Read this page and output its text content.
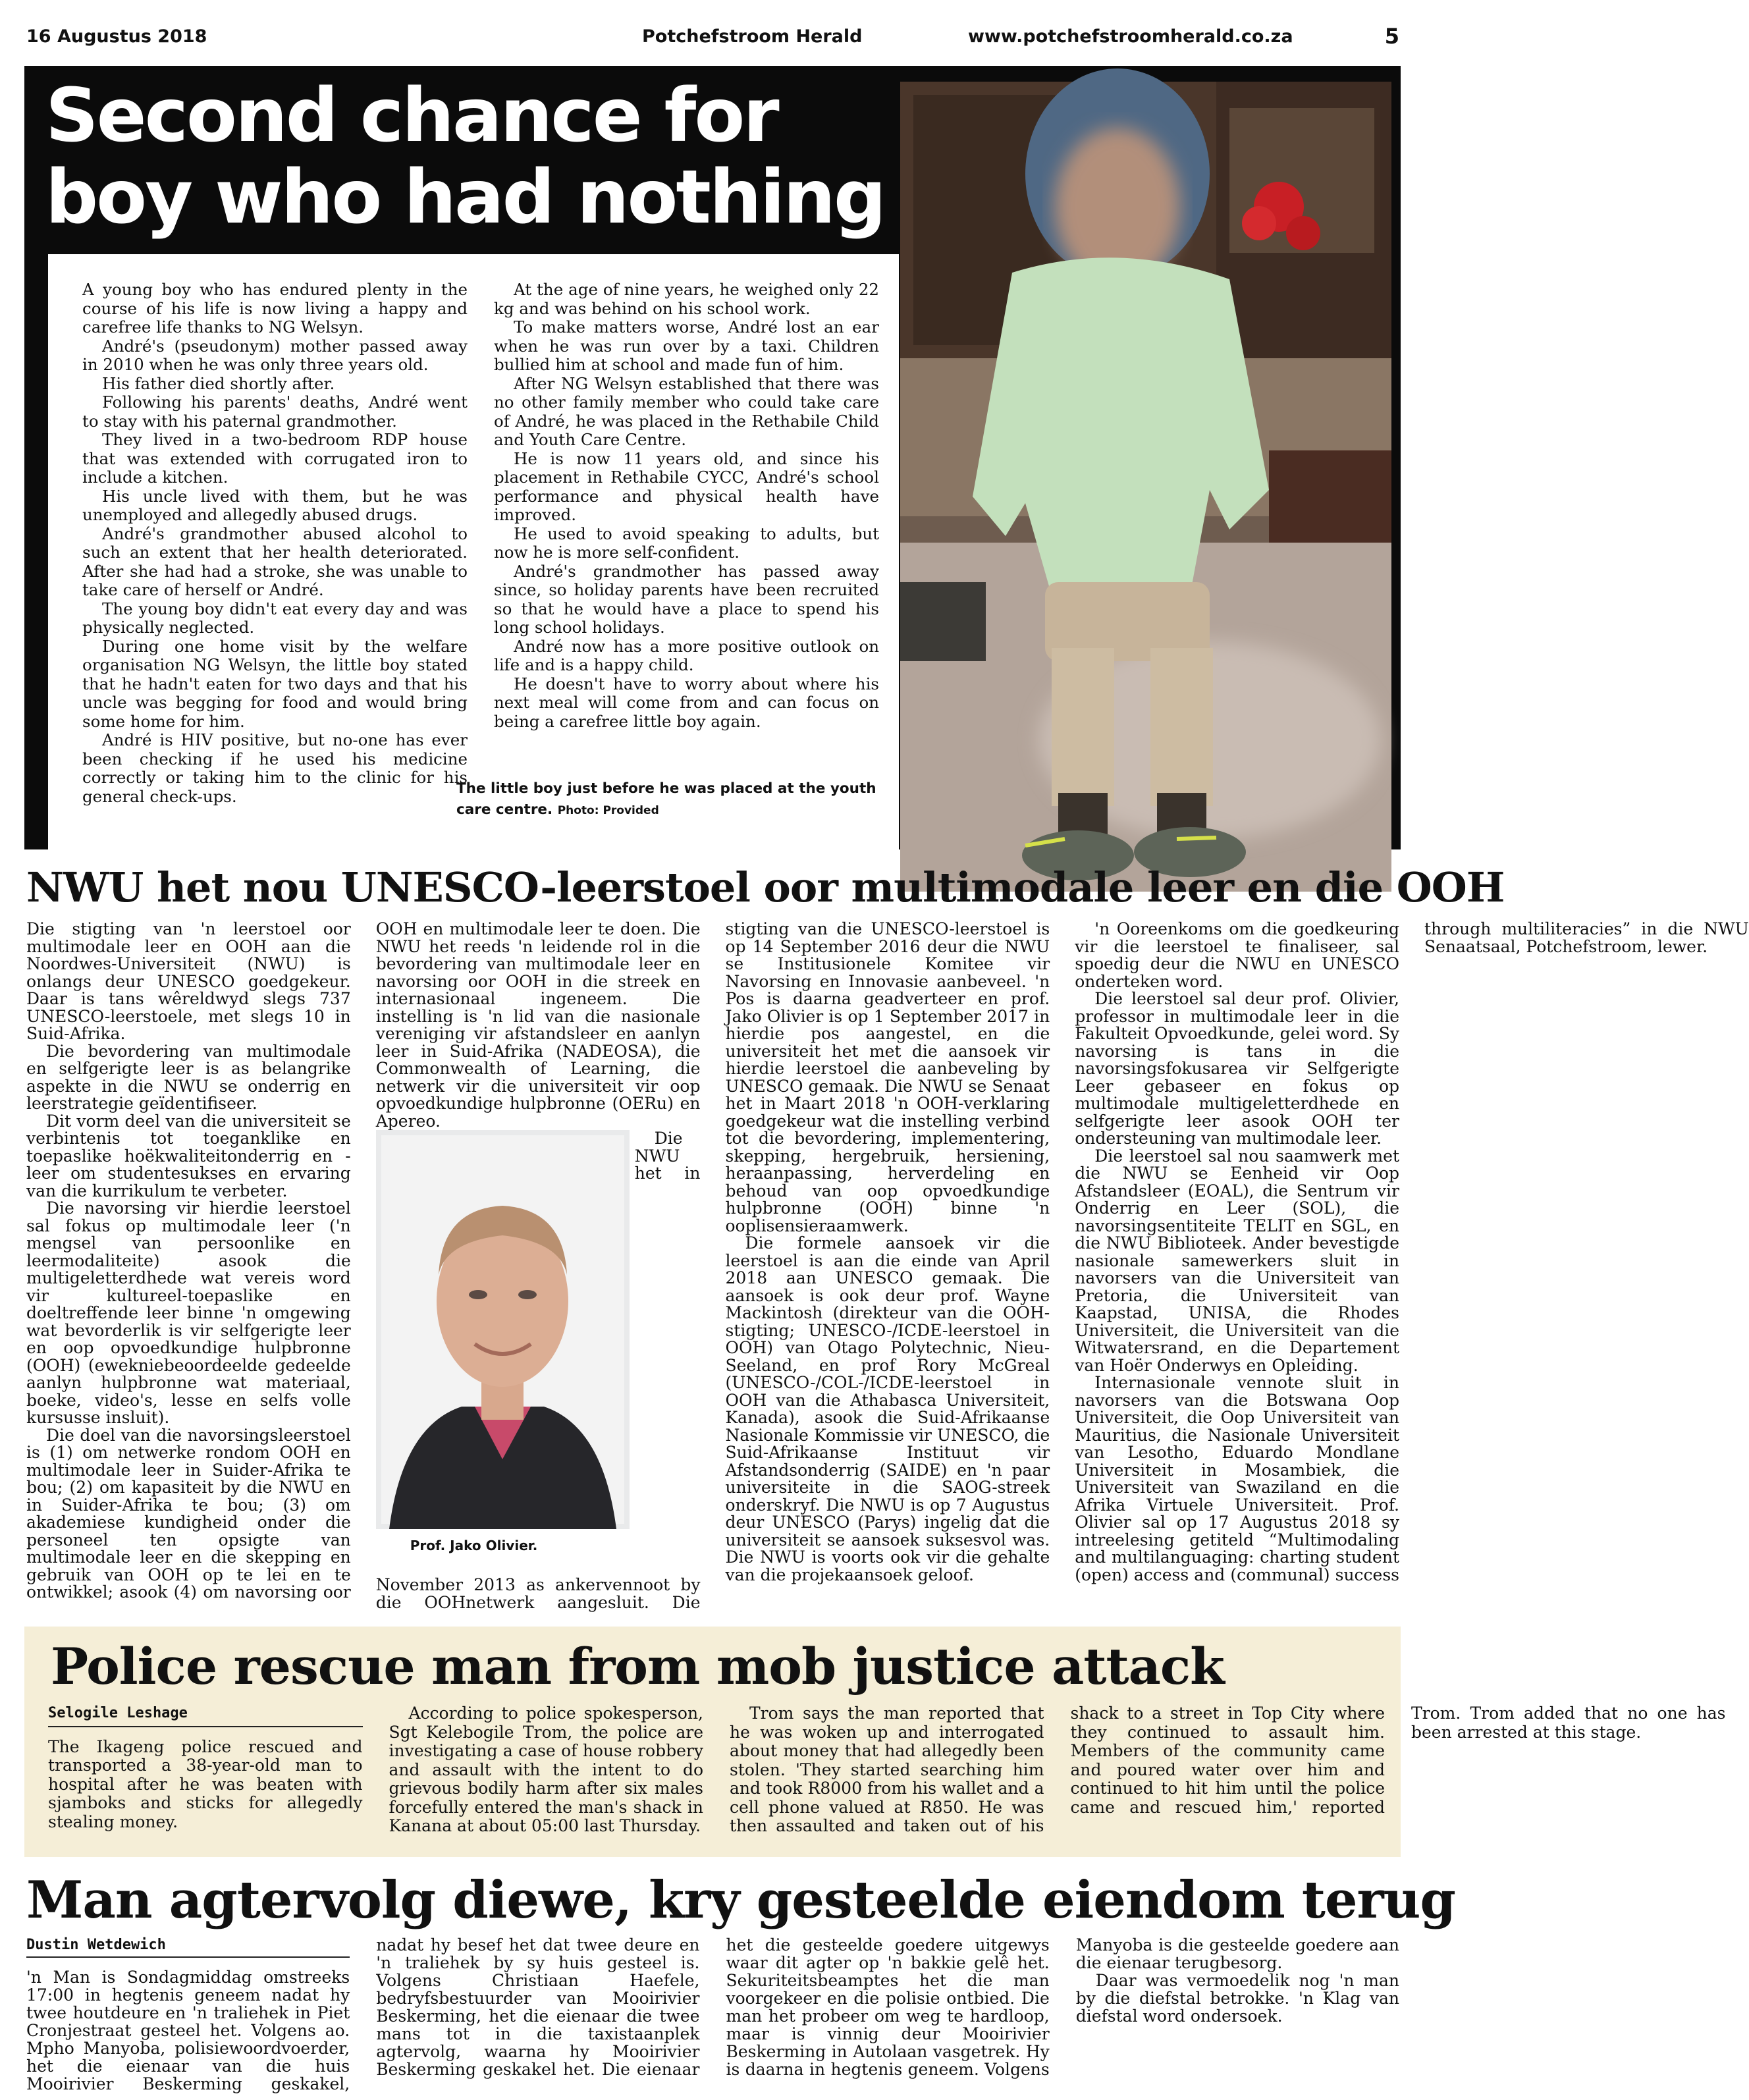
16 Augustus 2018	Potchefstroom Herald	www.potchefstroomherald.co.za	5
Second chance for boy who had nothing

A young boy who has endured plenty in the course of his life is now living a happy and carefree life thanks to NG Welsyn.

André's (pseudonym) mother passed away in 2010 when he was only three years old.

His father died shortly after.

Following his parents' deaths, André went to stay with his paternal grandmother.

They lived in a two-bedroom RDP house that was extended with corrugated iron to include a kitchen.

His uncle lived with them, but he was unemployed and allegedly abused drugs.

André's grandmother abused alcohol to such an extent that her health deteriorated. After she had had a stroke, she was unable to take care of herself or André.

The young boy didn't eat every day and was physically neglected.

During one home visit by the welfare organisation NG Welsyn, the little boy stated that he hadn't eaten for two days and that his uncle was begging for food and would bring some home for him.

André is HIV positive, but no-one has ever been checking if he used his medicine correctly or taking him to the clinic for his general check-ups.

At the age of nine years, he weighed only 22 kg and was behind on his school work.

To make matters worse, André lost an ear when he was run over by a taxi. Children bullied him at school and made fun of him.

After NG Welsyn established that there was no other family member who could take care of André, he was placed in the Rethabile Child and Youth Care Centre.

He is now 11 years old, and since his placement in Rethabile CYCC, André's school performance and physical health have improved.

He used to avoid speaking to adults, but now he is more self-confident.

André's grandmother has passed away since, so holiday parents have been recruited so that he would have a place to spend his long school holidays.

André now has a more positive outlook on life and is a happy child.

He doesn't have to worry about where his next meal will come from and can focus on being a carefree little boy again.

The little boy just before he was placed at the youth care centre. Photo: Provided
NWU het nou UNESCO-leerstoel oor multimodale leer en die OOH

Die stigting van 'n leerstoel oor multimodale leer en OOH aan die Noordwes-Universiteit (NWU) is onlangs deur UNESCO goedgekeur. Daar is tans wêreldwyd slegs 737 UNESCO-leerstoele, met slegs 10 in Suid-Afrika.

Die bevordering van multimodale en selfgerigte leer is as belangrike aspekte in die NWU se onderrig en leerstrategie geïdentifiseer.

Dit vorm deel van die universiteit se verbintenis tot toeganklike en toepaslike hoëkwaliteitonderrig en -leer om studentesukses en ervaring van die kurrikulum te verbeter.

Die navorsing vir hierdie leerstoel sal fokus op multimodale leer ('n mengsel van persoonlike en leermodaliteite) asook die multigeletterdhede wat vereis word vir kultureel-toepaslike en doeltreffende leer binne 'n omgewing wat bevorderlik is vir selfgerigte leer en oop opvoedkundige hulpbronne (OOH) (ewekniebeoordeelde gedeelde aanlyn hulpbronne wat materiaal, boeke, video's, lesse en selfs volle kursusse insluit).

Die doel van die navorsingsleerstoel is (1) om netwerke rondom OOH en multimodale leer in Suider-Afrika te bou; (2) om kapasiteit by die NWU en in Suider-Afrika te bou; (3) om akademiese kundigheid onder die personeel ten opsigte van multimodale leer en die skepping en gebruik van OOH op te lei en te ontwikkel; asook (4) om navorsing oor OOH en multimodale leer te doen. Die NWU het reeds 'n leidende rol in die bevordering van multimodale leer en navorsing oor OOH in die streek en internasionaal ingeneem. Die instelling is 'n lid van die nasionale vereniging vir afstandsleer en aanlyn leer in Suid-Afrika (NADEOSA), die Commonwealth of Learning, die netwerk vir die universiteit vir oop opvoedkundige hulpbronne (OERu) en Apereo.

Prof. Jako Olivier.

Die NWU het in November 2013 as ankervennoot by die OOHnetwerk aangesluit. Die stigting van die UNESCO-leerstoel is op 14 September 2016 deur die NWU se Institusionele Komitee vir Navorsing en Innovasie aanbeveel. 'n Pos is daarna geadverteer en prof. Jako Olivier is op 1 September 2017 in hierdie pos aangestel, en die universiteit het met die aansoek vir hierdie leerstoel die aanbeveling by UNESCO gemaak. Die NWU se Senaat het in Maart 2018 'n OOH-verklaring goedgekeur wat die instelling verbind tot die bevordering, implementering, skepping, hergebruik, hersiening, heraanpassing, herverdeling en behoud van oop opvoedkundige hulpbronne (OOH) binne 'n ooplisensieraamwerk.

Die formele aansoek vir die leerstoel is aan die einde van April 2018 aan UNESCO gemaak. Die aansoek is ook deur prof. Wayne Mackintosh (direkteur van die OOH-stigting; UNESCO-/ICDE-leerstoel in OOH) van Otago Polytechnic, Nieu-Seeland, en prof Rory McGreal (UNESCO-/COL-/ICDE-leerstoel in OOH van die Athabasca Universiteit, Kanada), asook die Suid-Afrikaanse Nasionale Kommissie vir UNESCO, die Suid-Afrikaanse Instituut vir Afstandsonderrig (SAIDE) en 'n paar universiteite in die SAOG-streek onderskryf. Die NWU is op 7 Augustus deur UNESCO (Parys) ingelig dat die universiteit se aansoek suksesvol was. Die NWU is voorts ook vir die gehalte van die projekaansoek geloof.

'n Ooreenkoms om die goedkeuring vir die leerstoel te finaliseer, sal spoedig deur die NWU en UNESCO onderteken word.

Die leerstoel sal deur prof. Olivier, professor in multimodale leer in die Fakulteit Opvoedkunde, gelei word. Sy navorsing is tans in die navorsingsfokusarea vir Selfgerigte Leer gebaseer en fokus op multimodale multigeletterdhede en selfgerigte leer asook OOH ter ondersteuning van multimodale leer.

Die leerstoel sal nou saamwerk met die NWU se Eenheid vir Oop Afstandsleer (EOAL), die Sentrum vir Onderrig en Leer (SOL), die navorsingsentiteite TELIT en SGL, en die NWU Biblioteek. Ander bevestigde nasionale samewerkers sluit in navorsers van die Universiteit van Pretoria, die Universiteit van Kaapstad, UNISA, die Rhodes Universiteit, die Universiteit van die Witwatersrand, en die Departement van Hoër Onderwys en Opleiding.

Internasionale vennote sluit in navorsers van die Botswana Oop Universiteit, die Oop Universiteit van Mauritius, die Nasionale Universiteit van Lesotho, Eduardo Mondlane Universiteit in Mosambiek, die Universiteit van Swaziland en die Afrika Virtuele Universiteit. Prof. Olivier sal op 17 Augustus 2018 sy intreelesing getiteld “Multimodaling and multilanguaging: charting student (open) access and (communal) success through multiliteracies” in die NWU Senaatsaal, Potchefstroom, lewer.

Police rescue man from mob justice attack
Selogile Leshage

The Ikageng police rescued and transported a 38-year-old man to hospital after he was beaten with sjamboks and sticks for allegedly stealing money.

According to police spokesperson, Sgt Kelebogile Trom, the police are investigating a case of house robbery and assault with the intent to do grievous bodily harm after six males forcefully entered the man's shack in Kanana at about 05:00 last Thursday.

Trom says the man reported that he was woken up and interrogated about money that had allegedly been stolen. 'They started searching him and took R8000 from his wallet and a cell phone valued at R850. He was then assaulted and taken out of his shack to a street in Top City where they continued to assault him. Members of the community came and poured water over him and continued to hit him until the police came and rescued him,' reported Trom. Trom added that no one has been arrested at this stage.

Man agtervolg diewe, kry gesteelde eiendom terug
Dustin Wetdewich

'n Man is Sondagmiddag omstreeks 17:00 in hegtenis geneem nadat hy twee houtdeure en 'n traliehek in Piet Cronjestraat gesteel het. Volgens ao. Mpho Manyoba, polisiewoordvoerder, het die eienaar van die huis Mooirivier Beskerming geskakel, nadat hy besef het dat twee deure en 'n traliehek by sy huis gesteel is. Volgens Christiaan Haefele, bedryfsbestuurder van Mooirivier Beskerming, het die eienaar die twee mans tot in die taxistaanplek agtervolg, waarna hy Mooirivier Beskerming geskakel het. Die eienaar het die gesteelde goedere uitgewys waar dit agter op 'n bakkie gelê het. Sekuriteitsbeamptes het die man voorgekeer en die polisie ontbied. Die man het probeer om weg te hardloop, maar is vinnig deur Mooirivier Beskerming in Autolaan vasgetrek. Hy is daarna in hegtenis geneem. Volgens Manyoba is die gesteelde goedere aan die eienaar terugbesorg.

Daar was vermoedelik nog 'n man by die diefstal betrokke. 'n Klag van diefstal word ondersoek.
